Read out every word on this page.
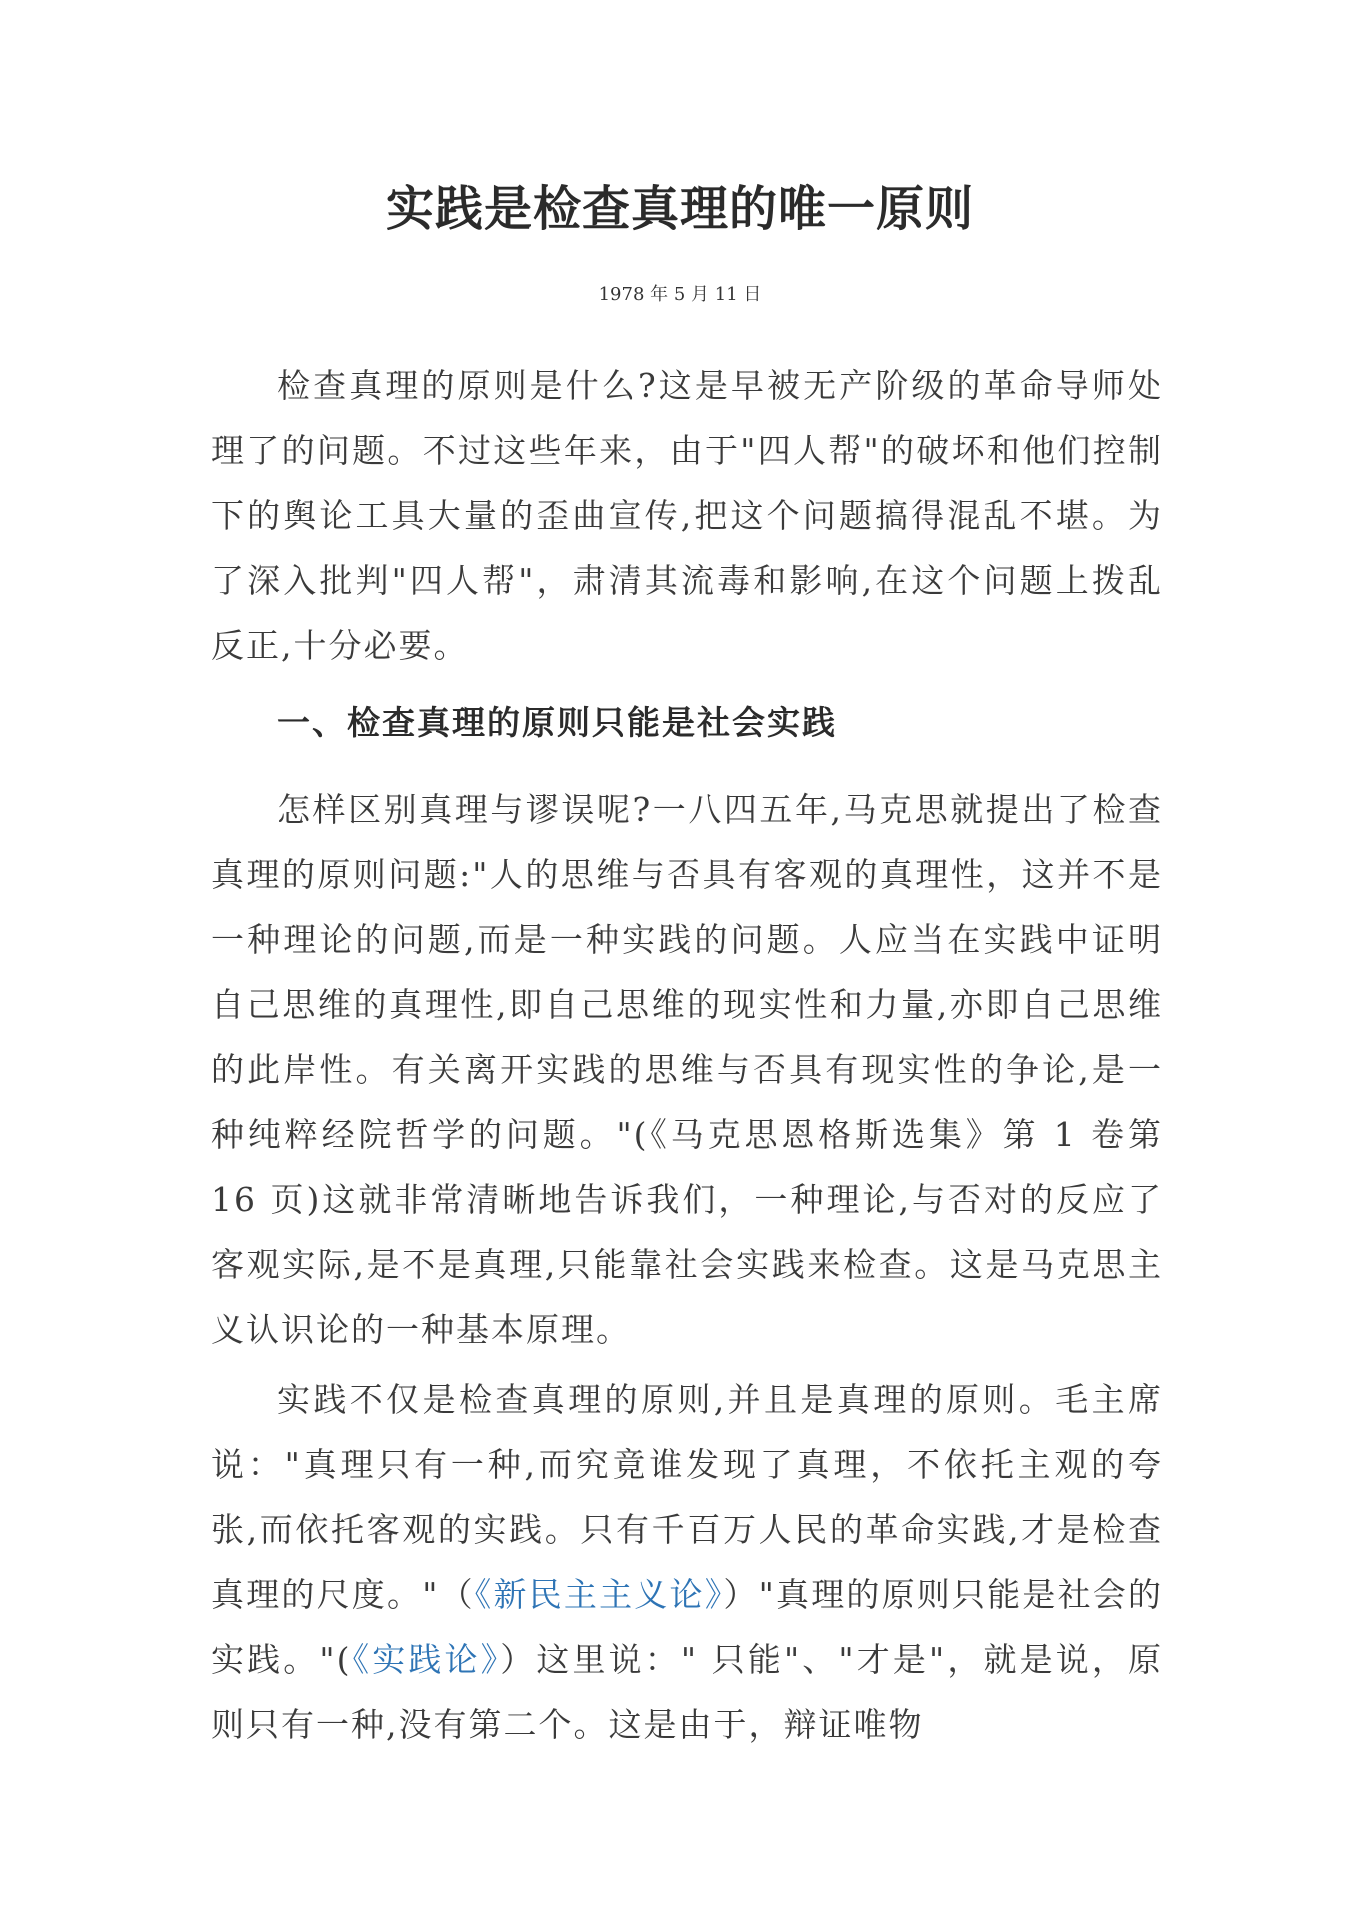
实践是检查真理的唯一原则
1978 年 5 月 11 日
检查真理的原则是什么?这是早被无产阶级的革命导师处理了的问题。不过这些年来，由于"四人帮"的破坏和他们控制下的舆论工具大量的歪曲宣传,把这个问题搞得混乱不堪。为了深入批判"四人帮"，肃清其流毒和影响,在这个问题上拨乱反正,十分必要。
一、检查真理的原则只能是社会实践
怎样区别真理与谬误呢?一八四五年,马克思就提出了检查真理的原则问题:"人的思维与否具有客观的真理性，这并不是一种理论的问题,而是一种实践的问题。人应当在实践中证明自己思维的真理性,即自己思维的现实性和力量,亦即自己思维的此岸性。有关离开实践的思维与否具有现实性的争论,是一种纯粹经院哲学的问题。"(《马克思恩格斯选集》第 1 卷第 16 页)这就非常清晰地告诉我们，一种理论,与否对的反应了客观实际,是不是真理,只能靠社会实践来检查。这是马克思主义认识论的一种基本原理。
实践不仅是检查真理的原则,并且是真理的原则。毛主席说："真理只有一种,而究竟谁发现了真理，不依托主观的夸张,而依托客观的实践。只有千百万人民的革命实践,才是检查真理的尺度。"（《新民主主义论》）"真理的原则只能是社会的实践。"(《实践论》）这里说：" 只能"、"才是"，就是说，原则只有一种,没有第二个。这是由于，辩证唯物
